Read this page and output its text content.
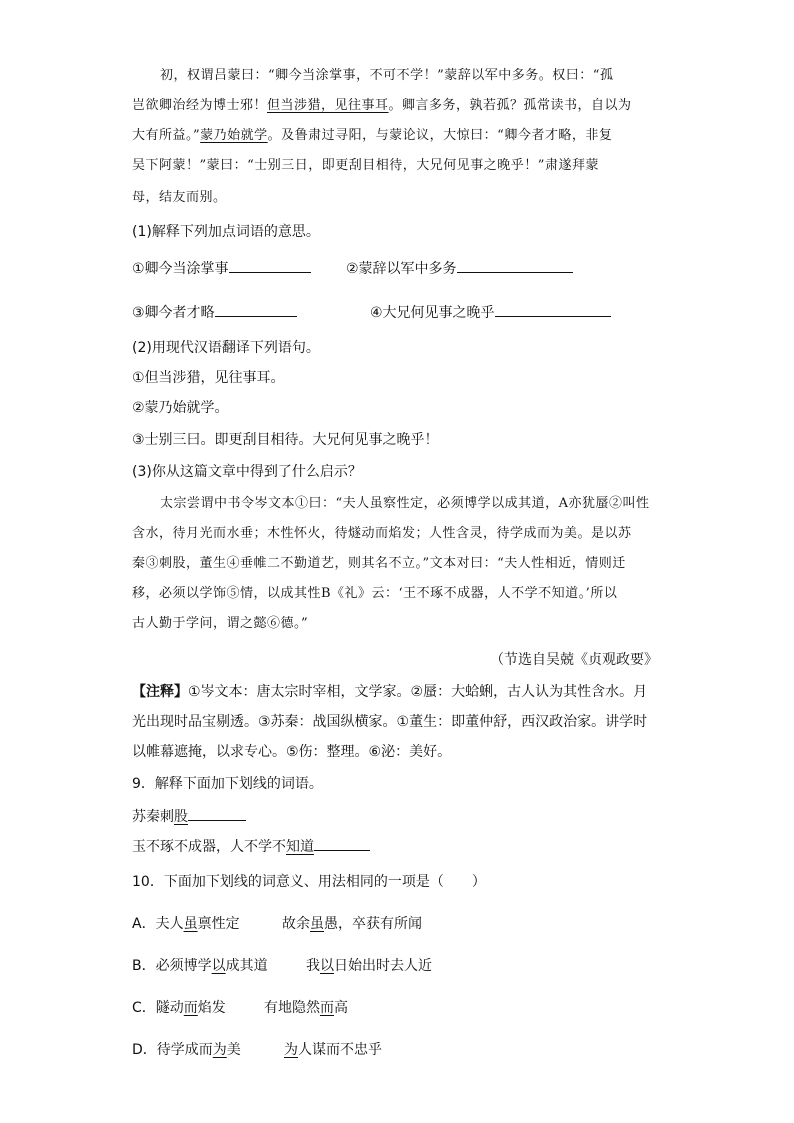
初，权谓吕蒙曰：“卿今当涂掌事，不可不学！”蒙辞以军中多务。权曰：“孤
岂欲卿治经为博士邪！但当涉猎，见往事耳。卿言多务，孰若孤？孤常读书，自以为
大有所益。”蒙乃始就学。及鲁肃过寻阳，与蒙论议，大惊曰：“卿今者才略，非复
吴下阿蒙！”蒙曰：“士别三日，即更刮目相待，大兄何见事之晚乎！”肃遂拜蒙
母，结友而别。
(1)解释下列加点词语的意思。
①卿今当涂掌事	②蒙辞以军中多务
③卿今者才略	④大兄何见事之晚乎
(2)用现代汉语翻译下列语句。
①但当涉猎，见往事耳。
②蒙乃始就学。
③士别三曰。即更刮目相待。大兄何见事之晚乎！
(3)你从这篇文章中得到了什么启示？
太宗尝谓中书令岑文本①曰：“夫人虽察性定，必须博学以成其道，A亦犹蜃②叫性
含水，待月光而水垂；木性怀火，待燧动而焰发；人性含灵，待学成而为美。是以苏
秦③刺股，董生④垂帷二不勤道艺，则其名不立。”文本对曰：“夫人性相近，情则迁
移，必须以学饰⑤情，以成其性B《礼》云：‘王不琢不成器，人不学不知道。’所以
古人勤于学问，谓之懿⑥德。”
（节选自吴兢《贞观政要》
【注释】①岑文本：唐太宗时宰相，文学家。②蜃：大蛤蜊，古人认为其性含水。月
光出现时品宝剔透。③苏秦：战国纵横家。①董生：即董仲舒，西汉政治家。讲学时
以帷幕遮掩，以求专心。⑤伤：整理。⑥泌：美好。
9．解释下面加下划线的词语。
苏秦刺股
玉不琢不成器，人不学不知道
10．下面加下划线的词意义、用法相同的一项是（　　）
A．夫人虽禀性定	故余虽愚，卒获有所闻
B．必须博学以成其道	我以日始出时去人近
C．隧动而焰发	有地隐然而高
D．待学成而为美	为人谋而不忠乎
